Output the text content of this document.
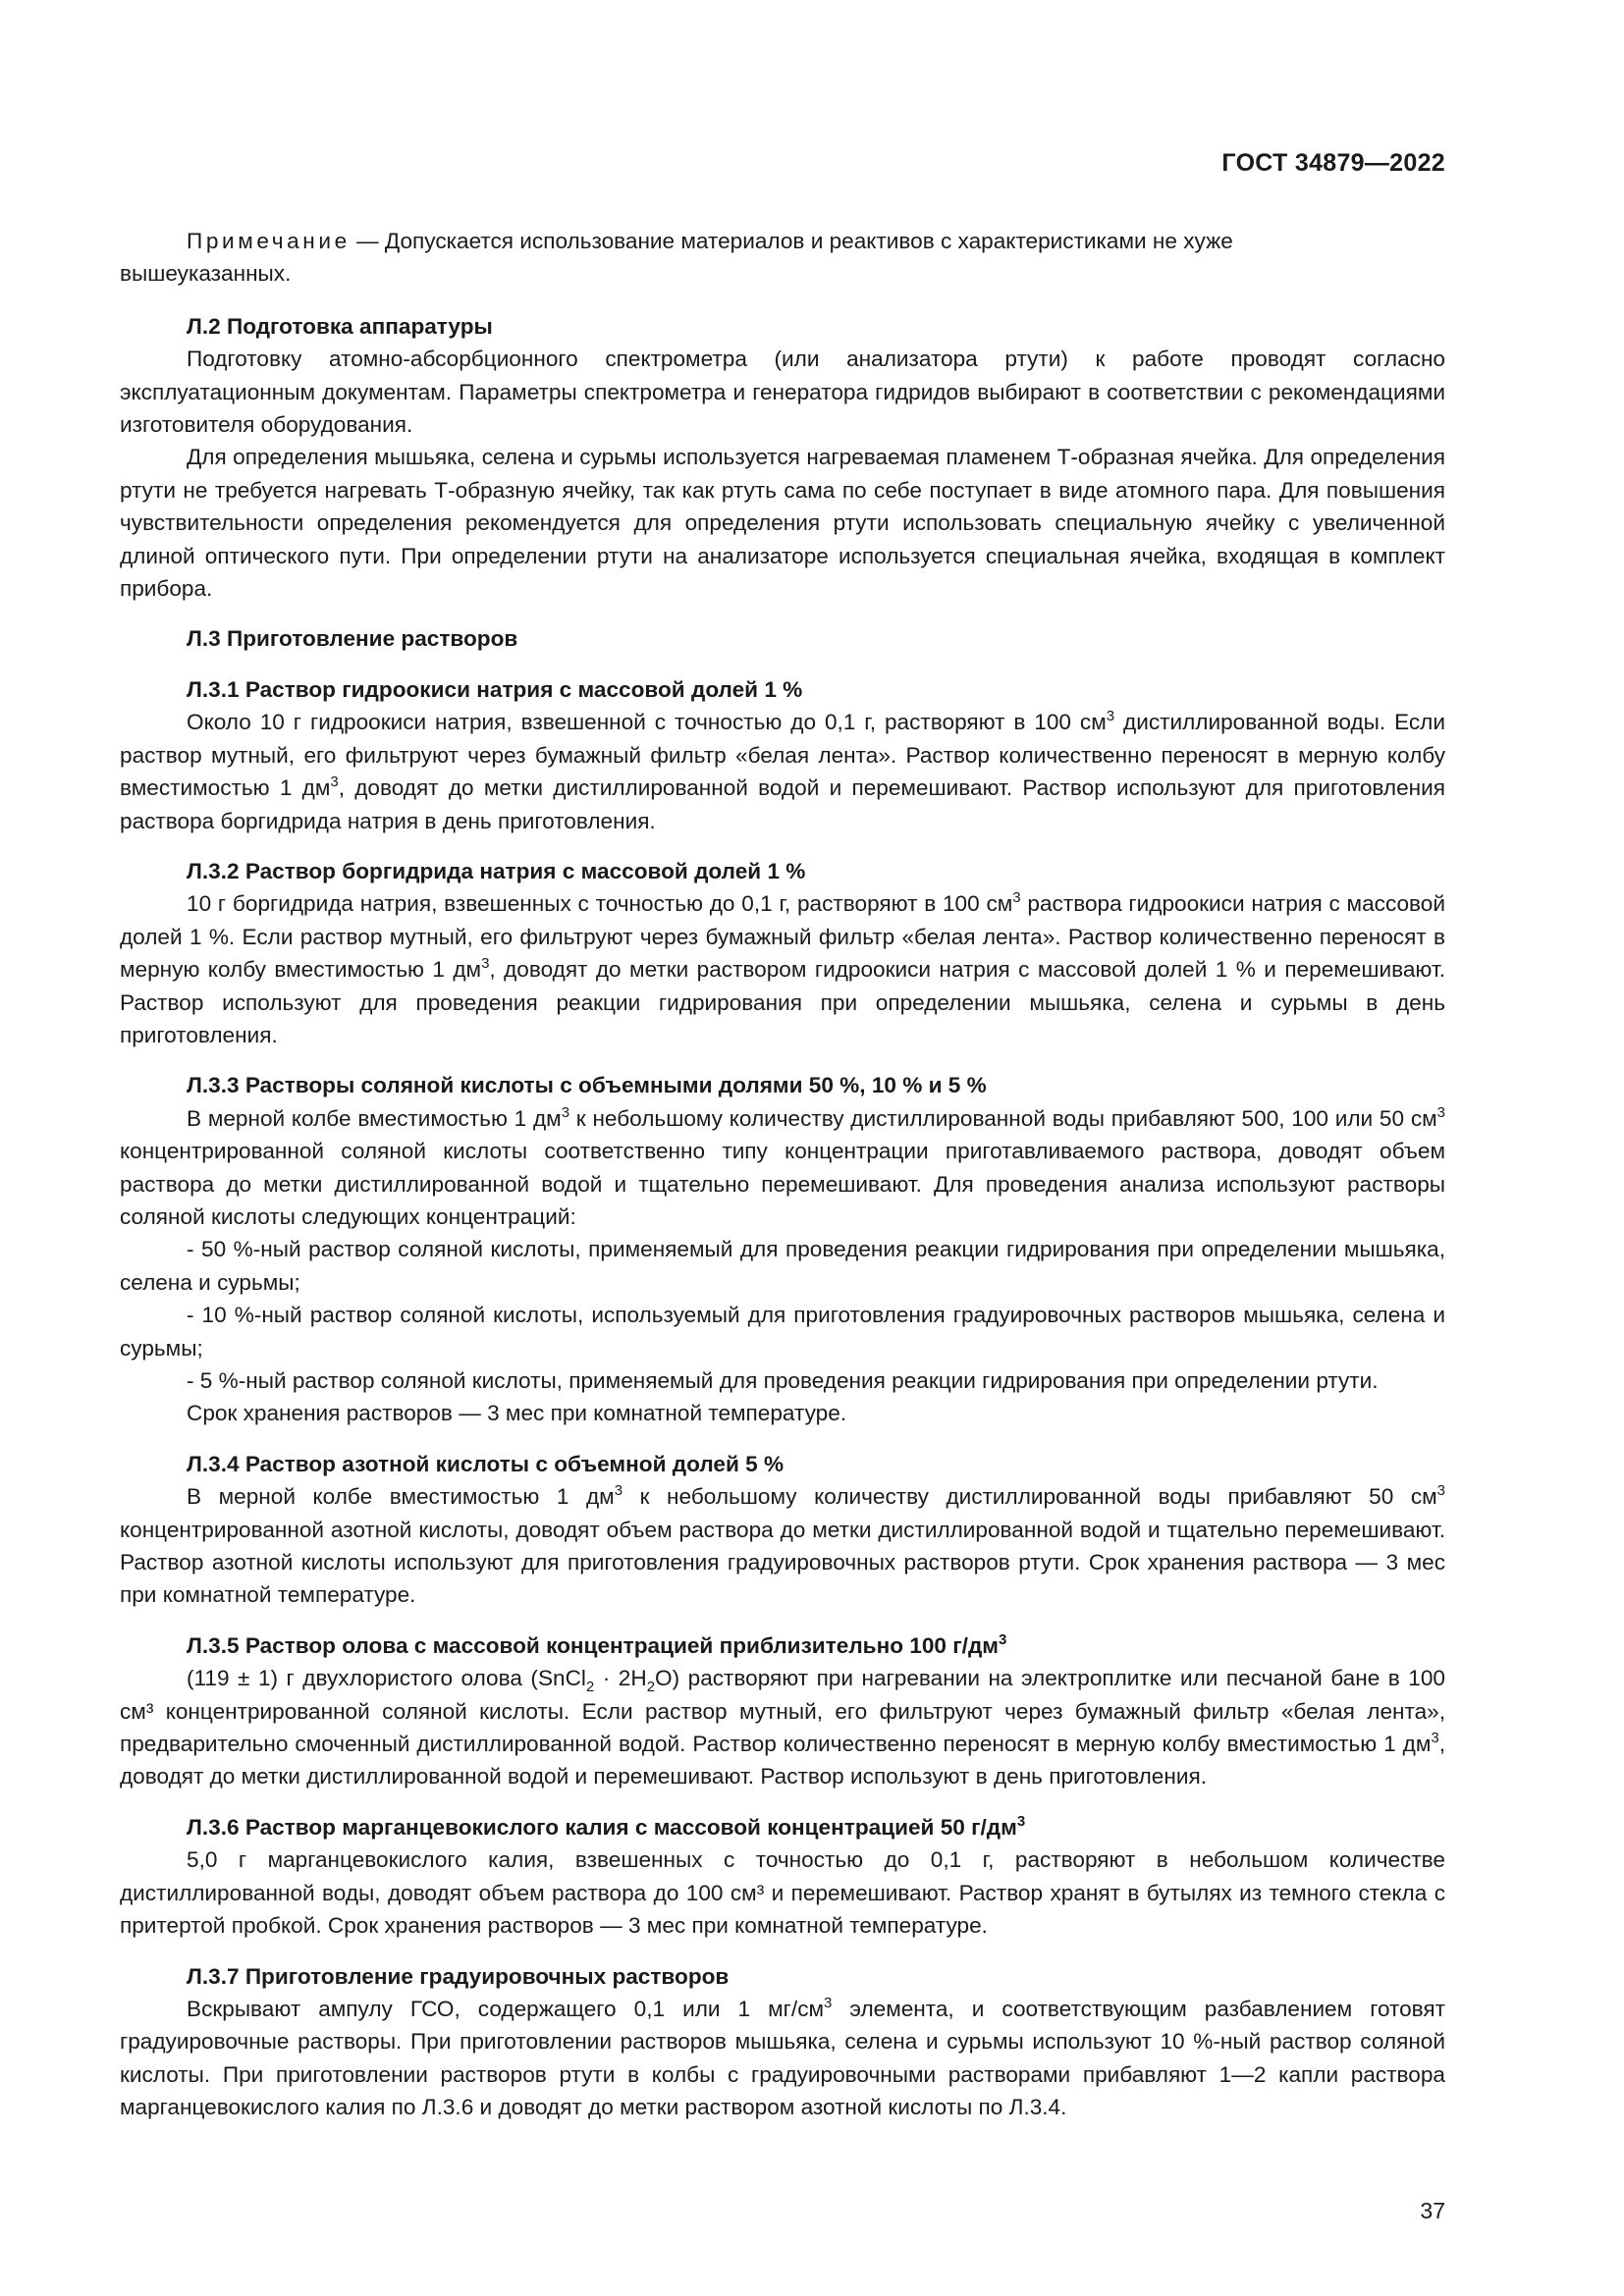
ГОСТ 34879—2022

Примечание — Допускается использование материалов и реактивов с характеристиками не хуже

вышеуказанных.

Л.2 Подготовка аппаратуры

Подготовку атомно-абсорбционного спектрометра (или анализатора ртути) к работе проводят согласно эксплуатационным документам. Параметры спектрометра и генератора гидридов выбирают в соответствии с рекомендациями изготовителя оборудования.

Для определения мышьяка, селена и сурьмы используется нагреваемая пламенем Т-образная ячейка. Для определения ртути не требуется нагревать Т-образную ячейку, так как ртуть сама по себе поступает в виде атомного пара. Для повышения чувствительности определения рекомендуется для определения ртути использовать специальную ячейку с увеличенной длиной оптического пути. При определении ртути на анализаторе используется специальная ячейка, входящая в комплект прибора.

Л.3 Приготовление растворов

Л.3.1 Раствор гидроокиси натрия с массовой долей 1 %

Около 10 г гидроокиси натрия, взвешенной с точностью до 0,1 г, растворяют в 100 $см^3$ дистиллированной воды. Если раствор мутный, его фильтруют через бумажный фильтр «белая лента». Раствор количественно переносят в мерную колбу вместимостью 1 $дм^3$, доводят до метки дистиллированной водой и перемешивают. Раствор используют для приготовления раствора боргидрида натрия в день приготовления.

Л.3.2 Раствор боргидрида натрия с массовой долей 1 %

10 г боргидрида натрия, взвешенных с точностью до 0,1 г, растворяют в 100 $см^3$ раствора гидроокиси натрия с массовой долей 1 %. Если раствор мутный, его фильтруют через бумажный фильтр «белая лента». Раствор количественно переносят в мерную колбу вместимостью 1 $дм^3$, доводят до метки раствором гидроокиси натрия с массовой долей 1 % и перемешивают. Раствор используют для проведения реакции гидрирования при определении мышьяка, селена и сурьмы в день приготовления.

Л.3.3 Растворы соляной кислоты с объемными долями 50 %, 10 % и 5 %

В мерной колбе вместимостью 1 $дм^3$ к небольшому количеству дистиллированной воды прибавляют 500, 100 или 50 $см^3$ концентрированной соляной кислоты соответственно типу концентрации приготавливаемого раствора, доводят объем раствора до метки дистиллированной водой и тщательно перемешивают. Для проведения анализа используют растворы соляной кислоты следующих концентраций:

- 50 %-ный раствор соляной кислоты, применяемый для проведения реакции гидрирования при определении мышьяка, селена и сурьмы;

- 10 %-ный раствор соляной кислоты, используемый для приготовления градуировочных растворов мышьяка, селена и сурьмы;

- 5 %-ный раствор соляной кислоты, применяемый для проведения реакции гидрирования при определении ртути.

Срок хранения растворов — 3 мес при комнатной температуре.

Л.3.4 Раствор азотной кислоты с объемной долей 5 %

В мерной колбе вместимостью 1 $дм^3$ к небольшому количеству дистиллированной воды прибавляют 50 $см^3$ концентрированной азотной кислоты, доводят объем раствора до метки дистиллированной водой и тщательно перемешивают. Раствор азотной кислоты используют для приготовления градуировочных растворов ртути. Срок хранения раствора — 3 мес при комнатной температуре.

Л.3.5 Раствор олова с массовой концентрацией приблизительно 100 $г/дм^3$

(119 ± 1) г двухлористого олова (SnCl$_2$ · $2H_2O$) растворяют при нагревании на электроплитке или песчаной бане в 100 см³ концентрированной соляной кислоты. Если раствор мутный, его фильтруют через бумажный фильтр «белая лента», предварительно смоченный дистиллированной водой. Раствор количественно переносят в мерную колбу вместимостью 1 $дм^3$, доводят до метки дистиллированной водой и перемешивают. Раствор используют в день приготовления.

Л.3.6 Раствор марганцевокислого калия с массовой концентрацией 50 $г/дм^3$

5,0 г марганцевокислого калия, взвешенных с точностью до 0,1 г, растворяют в небольшом количестве дистиллированной воды, доводят объем раствора до 100 см³ и перемешивают. Раствор хранят в бутылях из темного стекла с притертой пробкой. Срок хранения растворов — 3 мес при комнатной температуре.

Л.3.7 Приготовление градуировочных растворов

Вскрывают ампулу ГСО, содержащего 0,1 или 1 $мг/см^3$ элемента, и соответствующим разбавлением готовят градуировочные растворы. При приготовлении растворов мышьяка, селена и сурьмы используют 10 %-ный раствор соляной кислоты. При приготовлении растворов ртути в колбы с градуировочными растворами прибавляют 1—2 капли раствора марганцевокислого калия по Л.3.6 и доводят до метки раствором азотной кислоты по Л.3.4.

37
